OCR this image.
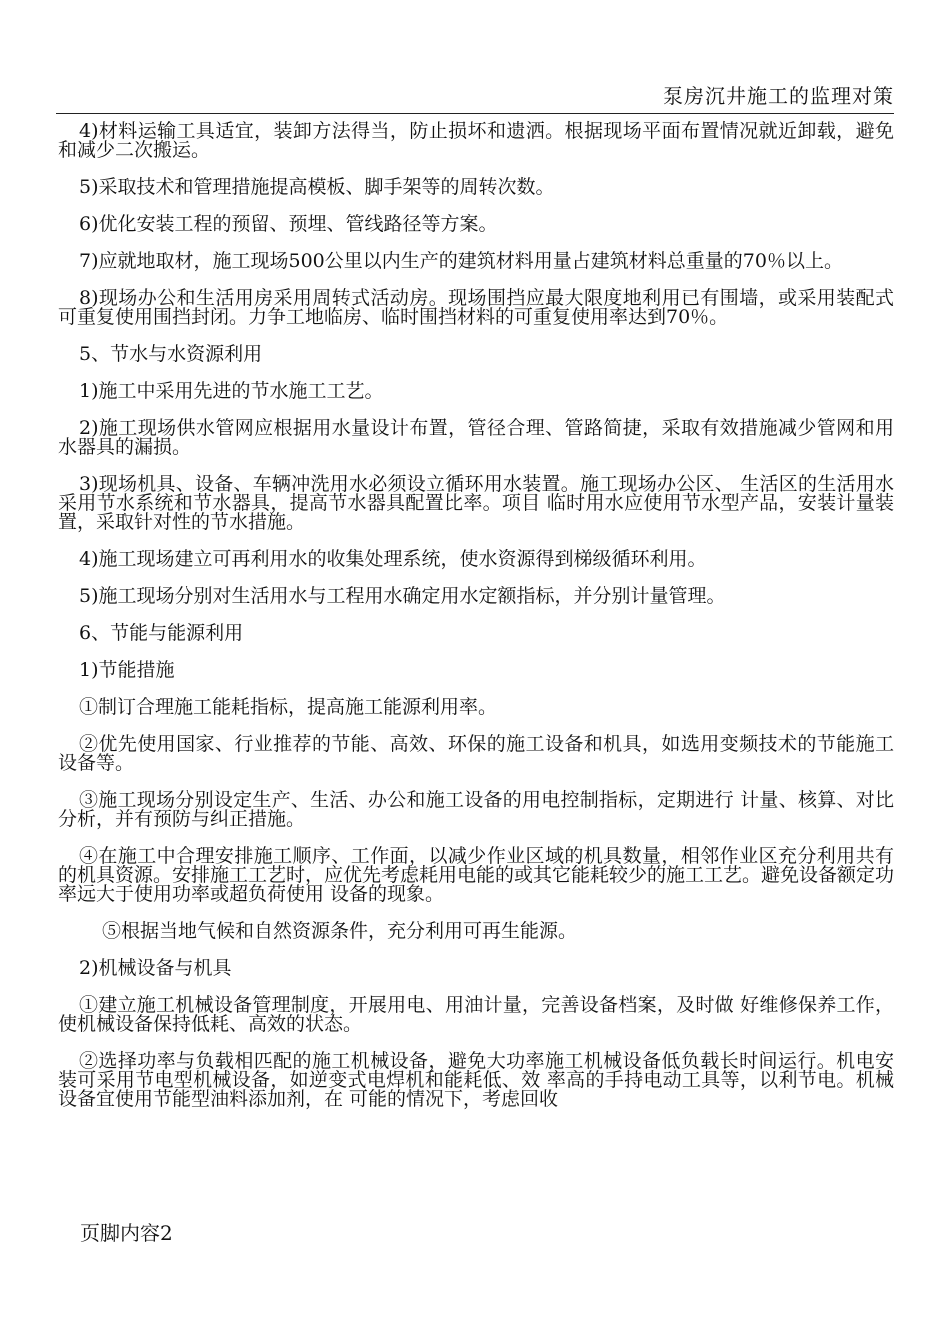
泵房沉井施工的监理对策

4)材料运输工具适宜，装卸方法得当，防止损坏和遗洒。根据现场平面布置情况就近卸载，避免和减少二次搬运。

5)采取技术和管理措施提高模板、脚手架等的周转次数。

6)优化安装工程的预留、预埋、管线路径等方案。

7)应就地取材，施工现场500公里以内生产的建筑材料用量占建筑材料总重量的70％以上。

8)现场办公和生活用房采用周转式活动房。现场围挡应最大限度地利用已有围墙，或采用装配式可重复使用围挡封闭。力争工地临房、临时围挡材料的可重复使用率达到70％。

5、节水与水资源利用

1)施工中采用先进的节水施工工艺。

2)施工现场供水管网应根据用水量设计布置，管径合理、管路简捷，采取有效措施减少管网和用水器具的漏损。

3)现场机具、设备、车辆冲洗用水必须设立循环用水装置。施工现场办公区、 生活区的生活用水采用节水系统和节水器具，提高节水器具配置比率。项目 临时用水应使用节水型产品，安装计量装置，采取针对性的节水措施。

4)施工现场建立可再利用水的收集处理系统，使水资源得到梯级循环利用。

5)施工现场分别对生活用水与工程用水确定用水定额指标，并分别计量管理。

6、节能与能源利用

1)节能措施

①制订合理施工能耗指标，提高施工能源利用率。

②优先使用国家、行业推荐的节能、高效、环保的施工设备和机具，如选用变频技术的节能施工设备等。

③施工现场分别设定生产、生活、办公和施工设备的用电控制指标，定期进行 计量、核算、对比分析，并有预防与纠正措施。

④在施工中合理安排施工顺序、工作面，以减少作业区域的机具数量，相邻作业区充分利用共有的机具资源。安排施工工艺时，应优先考虑耗用电能的或其它能耗较少的施工工艺。避免设备额定功率远大于使用功率或超负荷使用 设备的现象。

⑤根据当地气候和自然资源条件，充分利用可再生能源。

2)机械设备与机具

①建立施工机械设备管理制度，开展用电、用油计量，完善设备档案，及时做 好维修保养工作，使机械设备保持低耗、高效的状态。

②选择功率与负载相匹配的施工机械设备，避免大功率施工机械设备低负载长时间运行。机电安装可采用节电型机械设备，如逆变式电焊机和能耗低、效 率高的手持电动工具等，以利节电。机械设备宜使用节能型油料添加剂，在 可能的情况下，考虑回收

页脚内容2
